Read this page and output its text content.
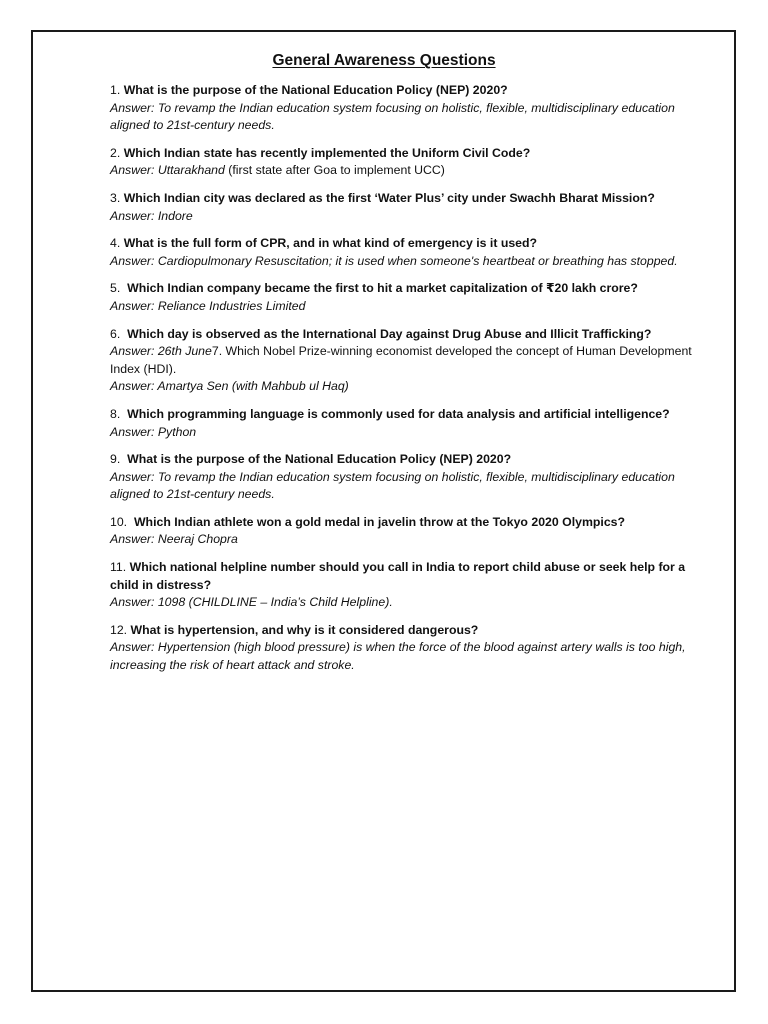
General Awareness Questions
1. What is the purpose of the National Education Policy (NEP) 2020?
Answer: To revamp the Indian education system focusing on holistic, flexible, multidisciplinary education aligned to 21st-century needs.
2. Which Indian state has recently implemented the Uniform Civil Code?
Answer: Uttarakhand (first state after Goa to implement UCC)
3. Which Indian city was declared as the first ‘Water Plus’ city under Swachh Bharat Mission?
Answer: Indore
4. What is the full form of CPR, and in what kind of emergency is it used?
Answer: Cardiopulmonary Resuscitation; it is used when someone's heartbeat or breathing has stopped.
5. Which Indian company became the first to hit a market capitalization of ₹20 lakh crore?
Answer: Reliance Industries Limited
6. Which day is observed as the International Day against Drug Abuse and Illicit Trafficking?
Answer: 26th June7. Which Nobel Prize-winning economist developed the concept of Human Development Index (HDI).
Answer: Amartya Sen (with Mahbub ul Haq)
8. Which programming language is commonly used for data analysis and artificial intelligence?
Answer: Python
9. What is the purpose of the National Education Policy (NEP) 2020?
Answer: To revamp the Indian education system focusing on holistic, flexible, multidisciplinary education aligned to 21st-century needs.
10. Which Indian athlete won a gold medal in javelin throw at the Tokyo 2020 Olympics?
Answer: Neeraj Chopra
11. Which national helpline number should you call in India to report child abuse or seek help for a child in distress?
Answer: 1098 (CHILDLINE – India’s Child Helpline).
12. What is hypertension, and why is it considered dangerous?
Answer: Hypertension (high blood pressure) is when the force of the blood against artery walls is too high, increasing the risk of heart attack and stroke.
